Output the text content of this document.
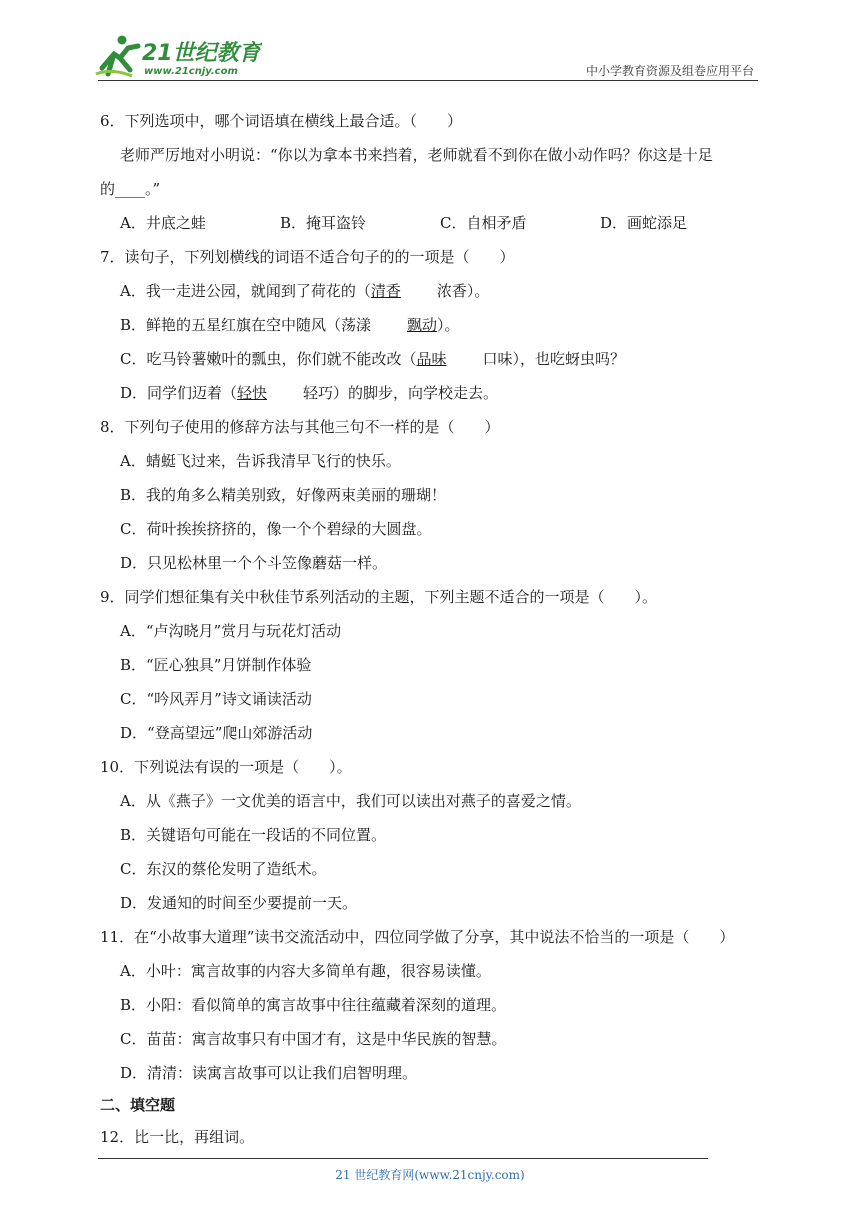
21世纪教育
www.21cnjy.com	中小学教育资源及组卷应用平台
6．下列选项中，哪个词语填在横线上最合适。（　　）
老师严厉地对小明说：“你以为拿本书来挡着，老师就看不到你在做小动作吗？你这是十足
的____。”
A．井底之蛙	B．掩耳盗铃	C．自相矛盾	D．画蛇添足
7．读句子，下列划横线的词语不适合句子的的一项是（　　）
A．我一走进公园，就闻到了荷花的（清香 浓香）。
B．鲜艳的五星红旗在空中随风（荡漾 飘动）。
C．吃马铃薯嫩叶的瓢虫，你们就不能改改（品味 口味），也吃蚜虫吗？
D．同学们迈着（轻快 轻巧）的脚步，向学校走去。
8．下列句子使用的修辞方法与其他三句不一样的是（　　）
A．蜻蜓飞过来，告诉我清早飞行的快乐。
B．我的角多么精美别致，好像两束美丽的珊瑚！
C．荷叶挨挨挤挤的，像一个个碧绿的大圆盘。
D．只见松林里一个个斗笠像蘑菇一样。
9．同学们想征集有关中秋佳节系列活动的主题，下列主题不适合的一项是（　　）。
A．“卢沟晓月”赏月与玩花灯活动
B．“匠心独具”月饼制作体验
C．“吟风弄月”诗文诵读活动
D．“登高望远”爬山郊游活动
10．下列说法有误的一项是（　　）。
A．从《燕子》一文优美的语言中，我们可以读出对燕子的喜爱之情。
B．关键语句可能在一段话的不同位置。
C．东汉的蔡伦发明了造纸术。
D．发通知的时间至少要提前一天。
11．在“小故事大道理”读书交流活动中，四位同学做了分享，其中说法不恰当的一项是（　　）
A．小叶：寓言故事的内容大多简单有趣，很容易读懂。
B．小阳：看似简单的寓言故事中往往蕴藏着深刻的道理。
C．苗苗：寓言故事只有中国才有，这是中华民族的智慧。
D．清清：读寓言故事可以让我们启智明理。
二、填空题
12．比一比，再组词。
21 世纪教育网(www.21cnjy.com)
